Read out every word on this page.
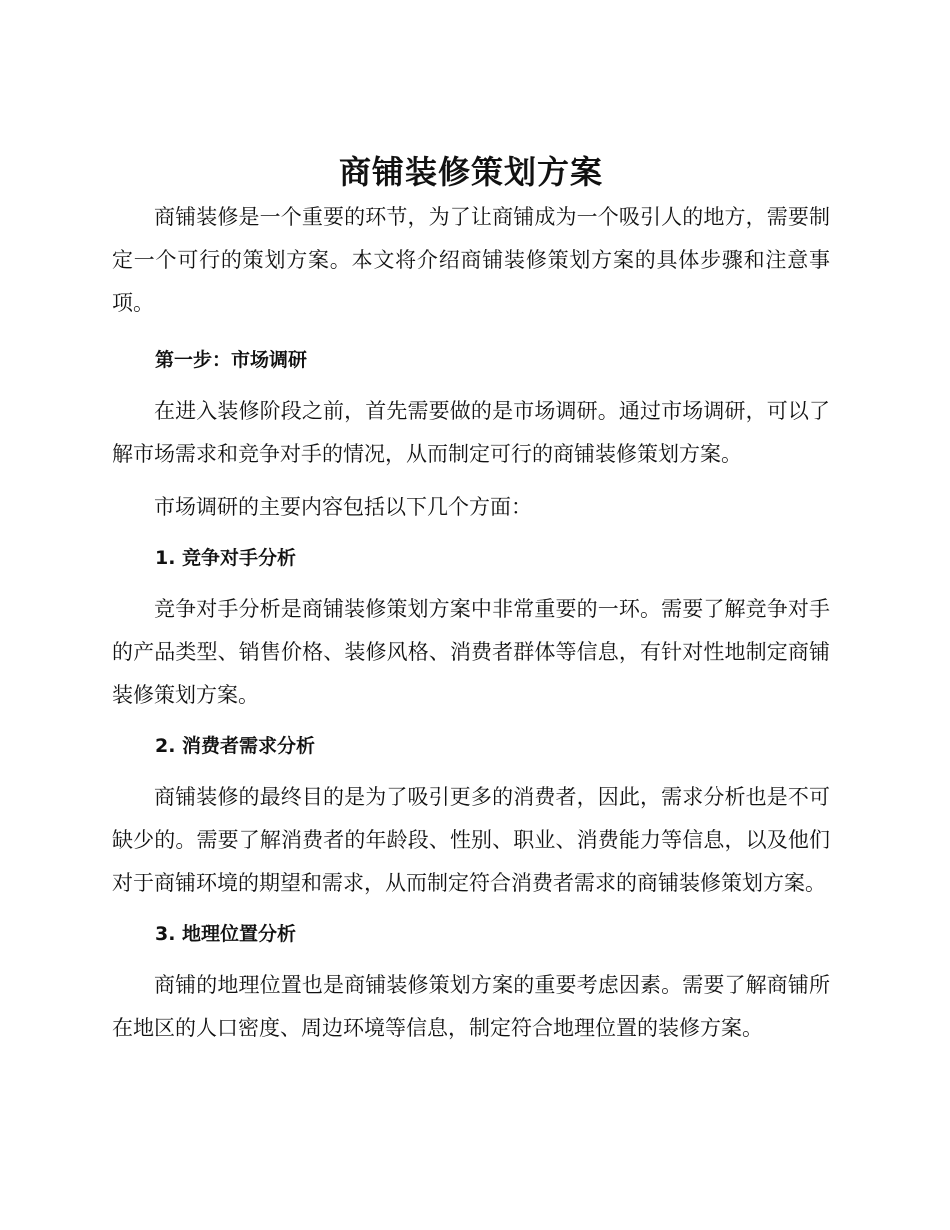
商铺装修策划方案

商铺装修是一个重要的环节，为了让商铺成为一个吸引人的地方，需要制定一个可行的策划方案。本文将介绍商铺装修策划方案的具体步骤和注意事项。

第一步：市场调研

在进入装修阶段之前，首先需要做的是市场调研。通过市场调研，可以了解市场需求和竞争对手的情况，从而制定可行的商铺装修策划方案。

市场调研的主要内容包括以下几个方面：

1. 竞争对手分析

竞争对手分析是商铺装修策划方案中非常重要的一环。需要了解竞争对手的产品类型、销售价格、装修风格、消费者群体等信息，有针对性地制定商铺装修策划方案。

2. 消费者需求分析

商铺装修的最终目的是为了吸引更多的消费者，因此，需求分析也是不可缺少的。需要了解消费者的年龄段、性别、职业、消费能力等信息，以及他们对于商铺环境的期望和需求，从而制定符合消费者需求的商铺装修策划方案。

3. 地理位置分析

商铺的地理位置也是商铺装修策划方案的重要考虑因素。需要了解商铺所在地区的人口密度、周边环境等信息，制定符合地理位置的装修方案。
